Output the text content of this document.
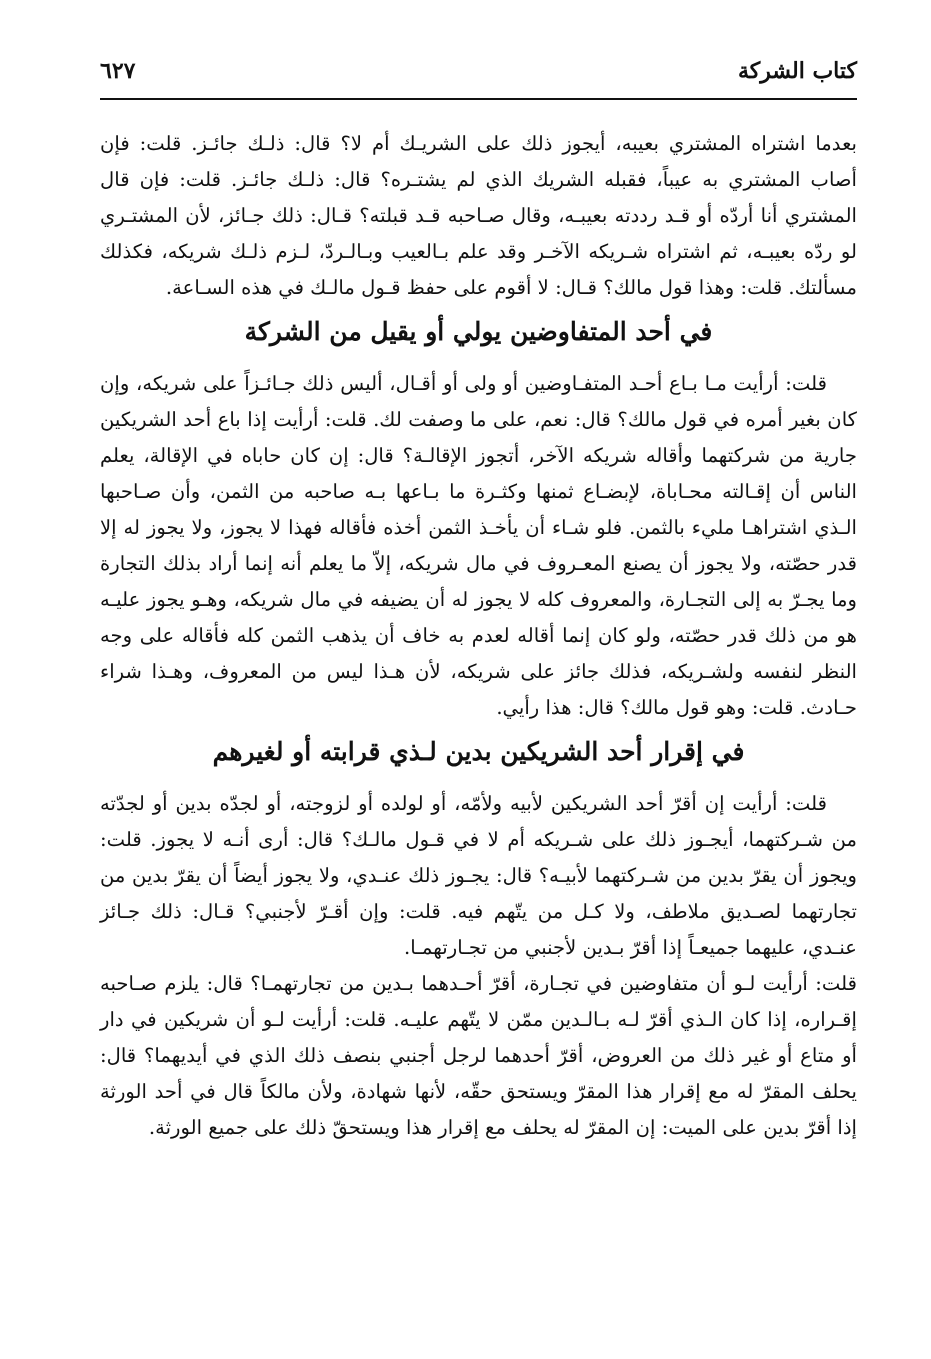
كتاب الشركة
٦٢٧

بعدما اشتراه المشتري بعيبه، أيجوز ذلك على الشريـك أم لا؟ قال: ذلـك جائـز. قلت: فإن أصاب المشتري به عيباً، فقبله الشريك الذي لم يشتـره؟ قال: ذلـك جائـز. قلت: فإن قال المشتري أنا أردّه أو قـد رددته بعيبـه، وقال صـاحبه قـد قبلته؟ قـال: ذلك جـائز، لأن المشتـري لو ردّه بعيبـه، ثم اشتراه شـريكه الآخـر وقد علم بـالعيب وبـالـردّ، لـزم ذلـك شريكه، فكذلك مسألتك. قلت: وهذا قول مالك؟ قـال: لا أقوم على حفظ قـول مالـك في هذه السـاعة.

في أحد المتفاوضين يولي أو يقيل من الشركة

قلت: أرأيت مـا بـاع أحـد المتفـاوضين أو ولى أو أقـال، أليس ذلك جـائـزاً على شريكه، وإن كان بغير أمره في قول مالك؟ قال: نعم، على ما وصفت لك. قلت: أرأيت إذا باع أحد الشريكين جارية من شركتهما وأقاله شريكه الآخر، أتجوز الإقالـة؟ قال: إن كان حاباه في الإقالة، يعلم الناس أن إقـالته محـاباة، لإبضـاع ثمنها وكثـرة ما بـاعها بـه صاحبه من الثمن، وأن صـاحبها الـذي اشتراهـا مليء بالثمن. فلو شـاء أن يأخـذ الثمن أخذه فأقاله فهذا لا يجوز، ولا يجوز له إلا قدر حصّته، ولا يجوز أن يصنع المعـروف في مال شريكه، إلاّ ما يعلم أنه إنما أراد بذلك التجارة وما يجـرّ به إلى التجـارة، والمعروف كله لا يجوز له أن يضيفه في مال شريكه، وهـو يجوز عليـه هو من ذلك قدر حصّته، ولو كان إنما أقاله لعدم به خاف أن يذهب الثمن كله فأقاله على وجه النظر لنفسه ولشـريكه، فذلك جائز على شريكه، لأن هـذا ليس من المعروف، وهـذا شراء حـادث. قلت: وهو قول مالك؟ قال: هذا رأيي.

في إقرار أحد الشريكين بدين لـذي قرابته أو لغيرهم

قلت: أرأيت إن أقرّ أحد الشريكين لأبيه ولأمّه، أو لولده أو لزوجته، أو لجدّه بدين أو لجدّته من شـركتهما، أيجـوز ذلك على شـريكه أم لا في قـول مالـك؟ قال: أرى أنـه لا يجوز. قلت: ويجوز أن يقرّ بدين من شـركتهما لأبيـه؟ قال: يجـوز ذلك عنـدي، ولا يجوز أيضاً أن يقرّ بدين من تجارتهما لصـديق ملاطف، ولا كـل من يتّهم فيه. قلت: وإن أقـرّ لأجنبي؟ قـال: ذلك جـائز عنـدي، عليهما جميعـاً إذا أقرّ بـدين لأجنبي من تجـارتهمـا.

قلت: أرأيت لـو أن متفاوضين في تجـارة، أقرّ أحـدهما بـدين من تجارتهمـا؟ قال: يلزم صـاحبه إقـراره، إذا كان الـذي أقرّ لـه بـالـدين ممّن لا يتّهم عليـه. قلت: أرأيت لـو أن شريكين في دار أو متاع أو غير ذلك من العروض، أقرّ أحدهما لرجل أجنبي بنصف ذلك الذي في أيديهما؟ قال: يحلف المقرّ له مع إقرار هذا المقرّ ويستحق حقّه، لأنها شهادة، ولأن مالكاً قال في أحد الورثة إذا أقرّ بدين على الميت: إن المقرّ له يحلف مع إقرار هذا ويستحقّ ذلك على جميع الورثة.
